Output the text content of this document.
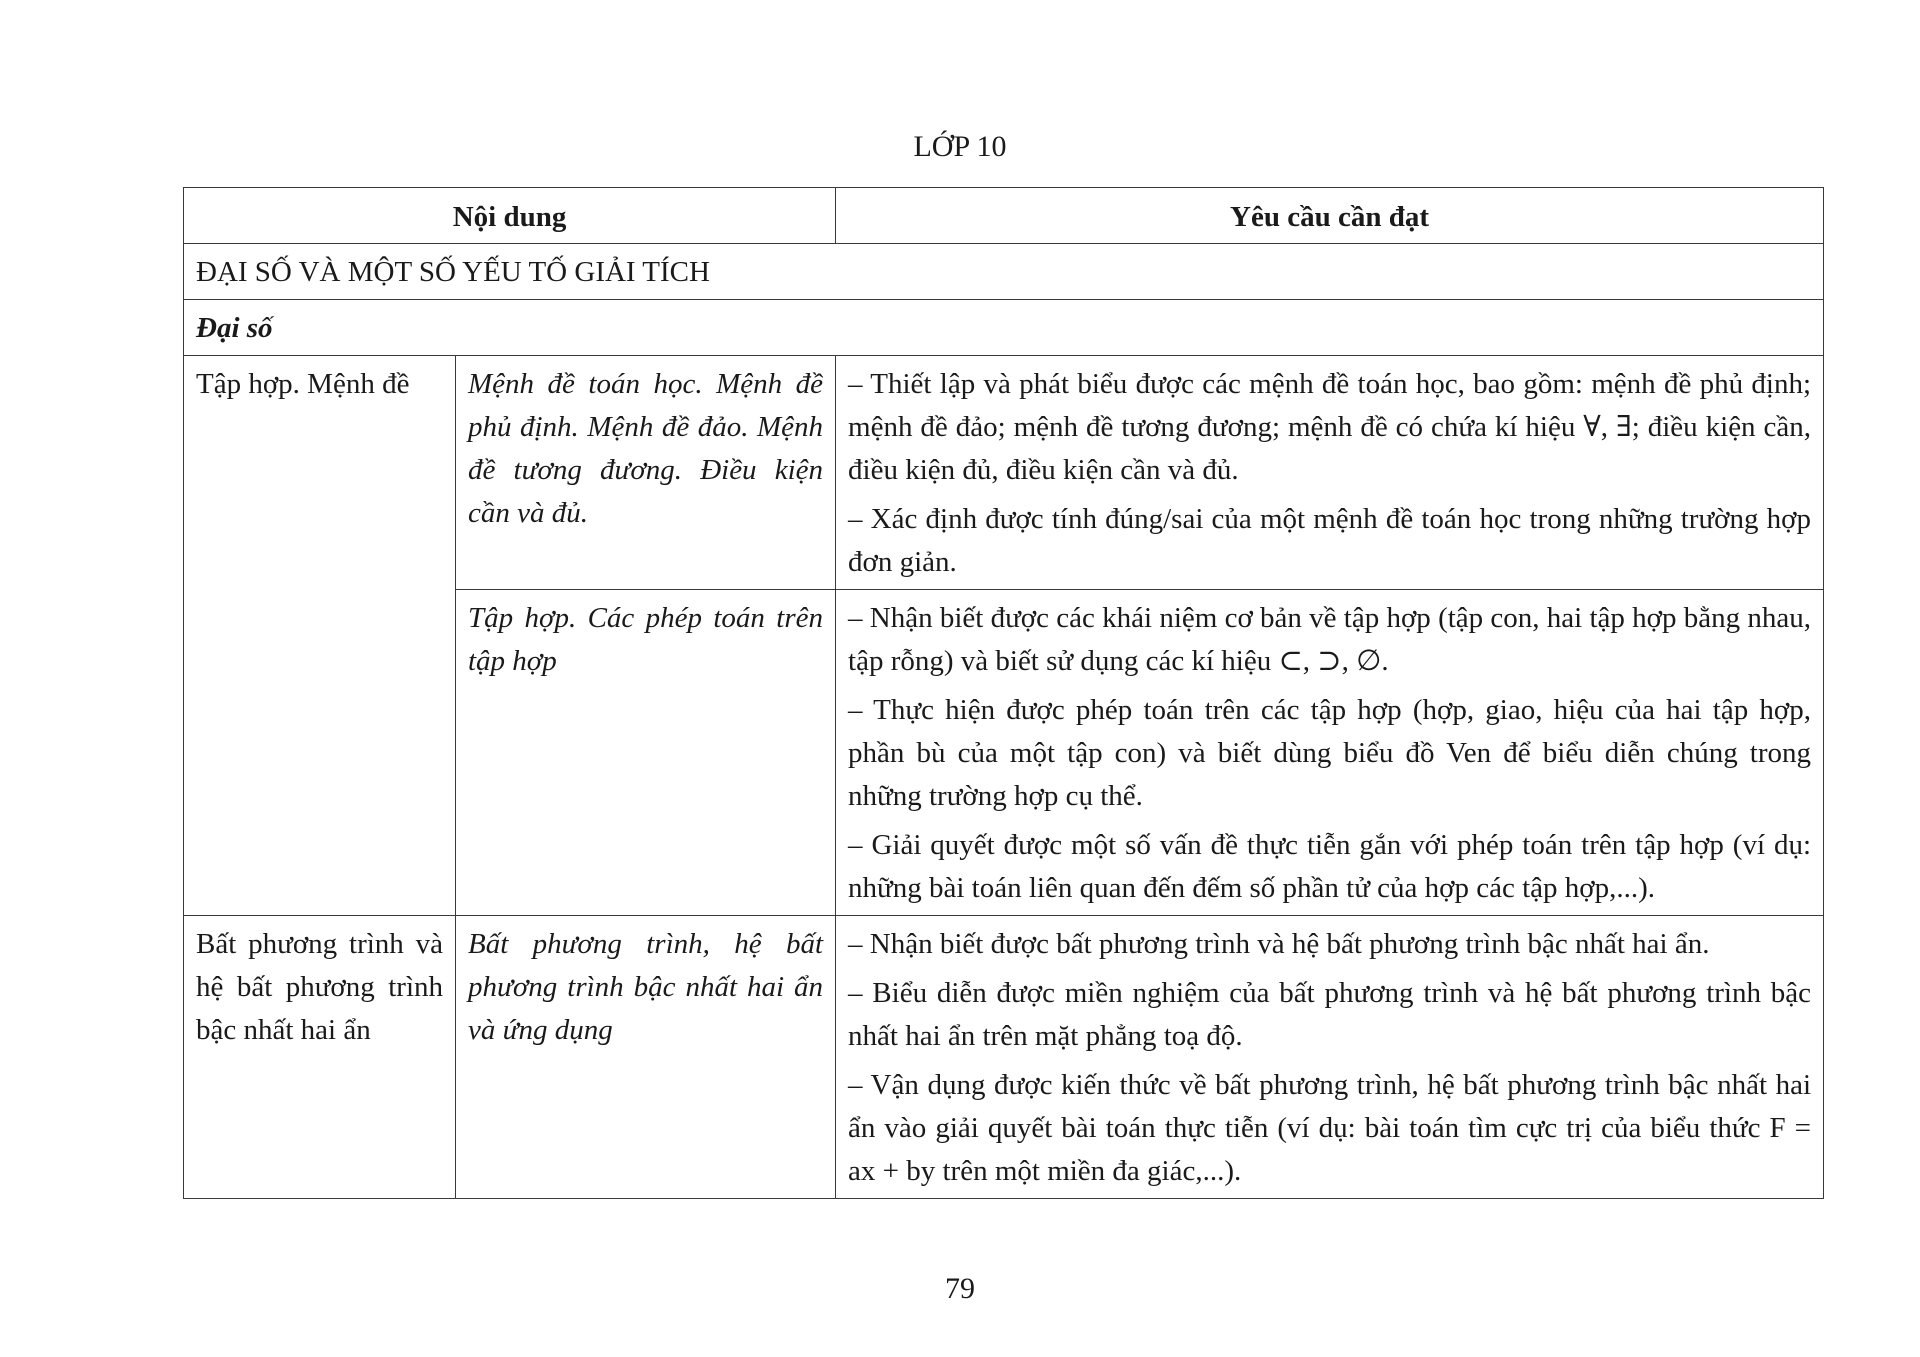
LỚP 10
Nội dung		Yêu cầu cần đạt
ĐẠI SỐ VÀ MỘT SỐ YẾU TỐ GIẢI TÍCH		
Đại số		
Tập hợp. Mệnh đề	Mệnh đề toán học. Mệnh đề phủ định. Mệnh đề đảo. Mệnh đề tương đương. Điều kiện cần và đủ.	– Thiết lập và phát biểu được các mệnh đề toán học, bao gồm: mệnh đề phủ định; mệnh đề đảo; mệnh đề tương đương; mệnh đề có chứa kí hiệu ∀, ∃; điều kiện cần, điều kiện đủ, điều kiện cần và đủ.

– Xác định được tính đúng/sai của một mệnh đề toán học trong những trường hợp đơn giản.

	Tập hợp. Các phép toán trên tập hợp	– Nhận biết được các khái niệm cơ bản về tập hợp (tập con, hai tập hợp bằng nhau, tập rỗng) và biết sử dụng các kí hiệu ⊂, ⊃, ∅.

– Thực hiện được phép toán trên các tập hợp (hợp, giao, hiệu của hai tập hợp, phần bù của một tập con) và biết dùng biểu đồ Ven để biểu diễn chúng trong những trường hợp cụ thể.

– Giải quyết được một số vấn đề thực tiễn gắn với phép toán trên tập hợp (ví dụ: những bài toán liên quan đến đếm số phần tử của hợp các tập hợp,...).

Bất phương trình và hệ bất phương trình bậc nhất hai ẩn	Bất phương trình, hệ bất phương trình bậc nhất hai ẩn và ứng dụng	– Nhận biết được bất phương trình và hệ bất phương trình bậc nhất hai ẩn.

– Biểu diễn được miền nghiệm của bất phương trình và hệ bất phương trình bậc nhất hai ẩn trên mặt phẳng toạ độ.

– Vận dụng được kiến thức về bất phương trình, hệ bất phương trình bậc nhất hai ẩn vào giải quyết bài toán thực tiễn (ví dụ: bài toán tìm cực trị của biểu thức F = ax + by trên một miền đa giác,...).

79
